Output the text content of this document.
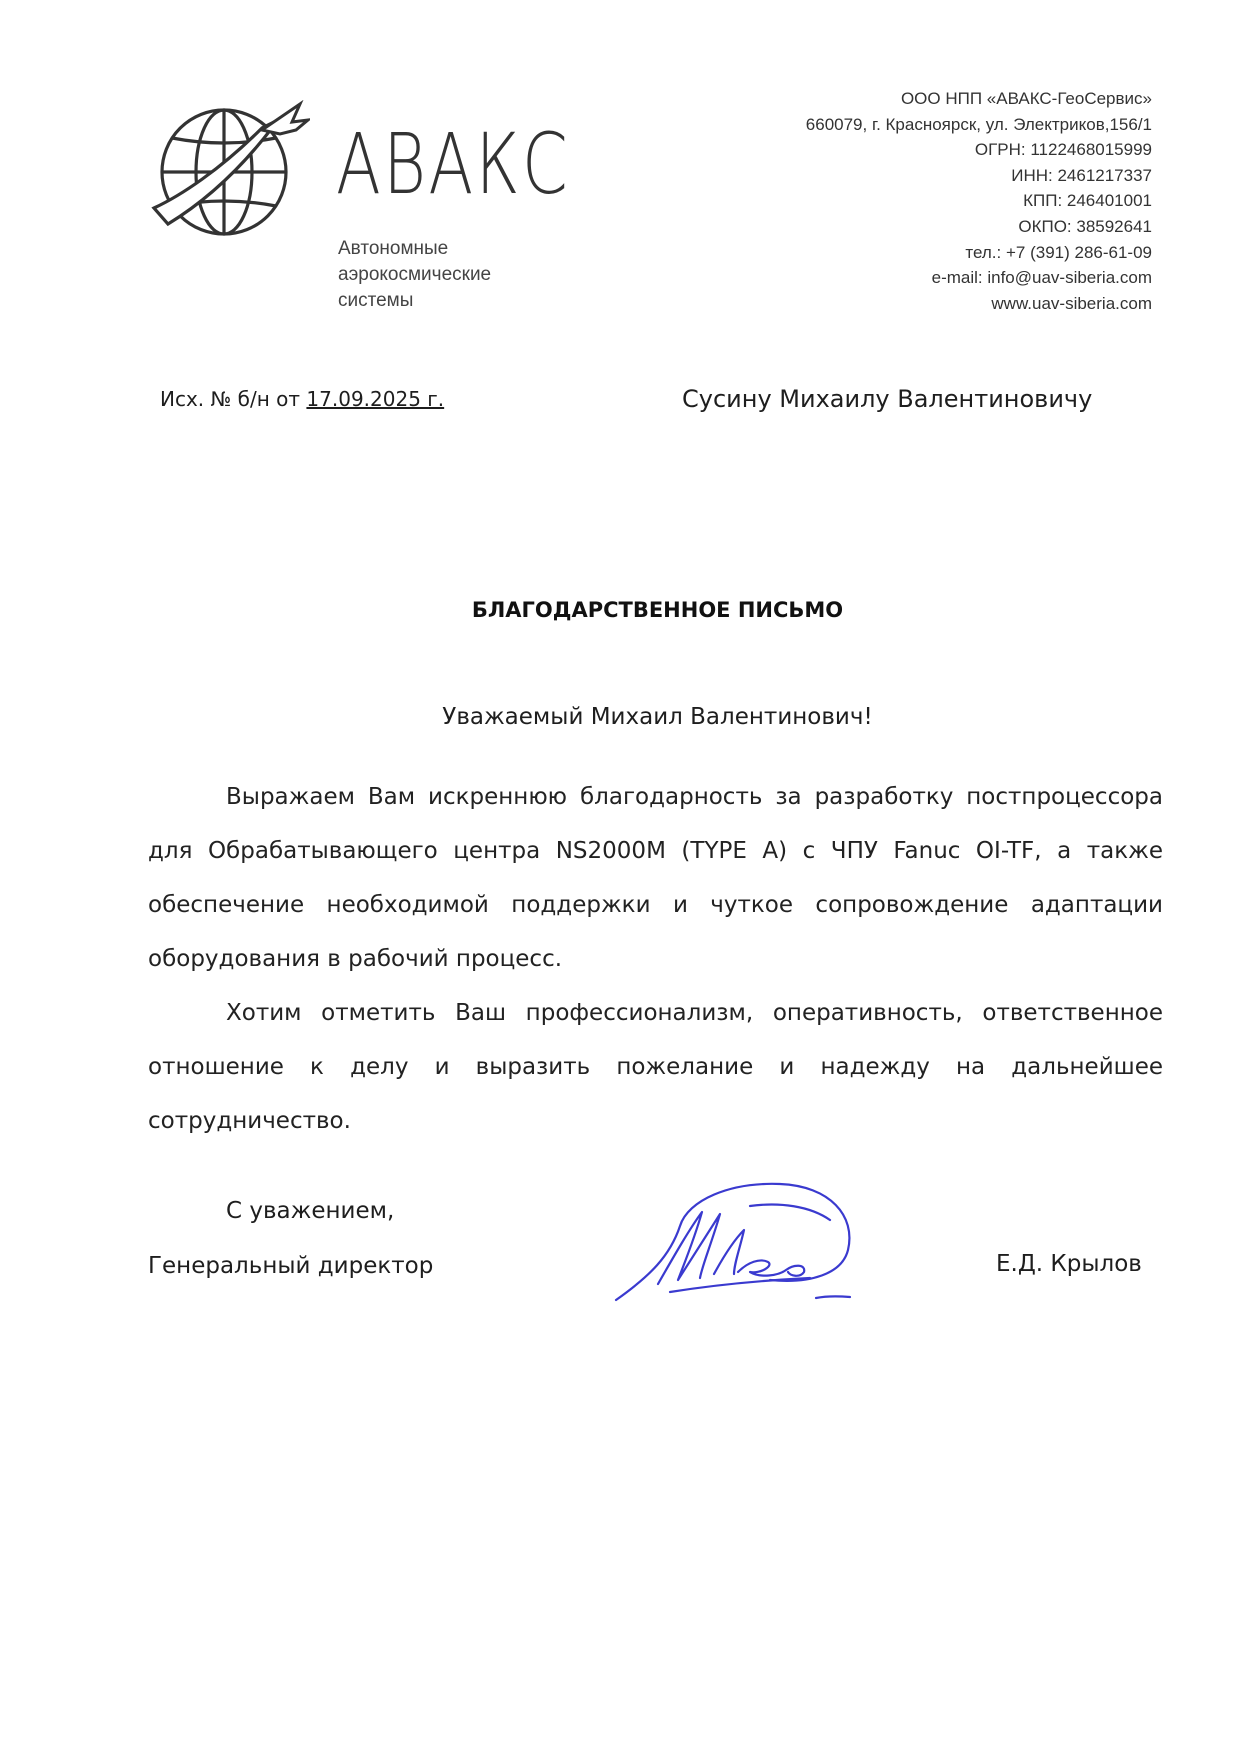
АВАКС
Автономные
аэрокосмические
системы
ООО НПП «АВАКС-ГеоСервис»
660079, г. Красноярск, ул. Электриков,156/1
ОГРН: 1122468015999
ИНН: 2461217337
КПП: 246401001
ОКПО: 38592641
тел.: +7 (391) 286-61-09
e-mail: info@uav-siberia.com
www.uav-siberia.com
Исх. № б/н от 17.09.2025 г.	Сусину Михаилу Валентиновичу
БЛАГОДАРСТВЕННОЕ ПИСЬМО
Уважаемый Михаил Валентинович!

Выражаем Вам искреннюю благодарность за разработку постпроцессора для Обрабатывающего центра NS2000M (TYPE A) с ЧПУ Fanuc OI-TF, а также обеспечение необходимой поддержки и чуткое сопровождение адаптации оборудования в рабочий процесс.

Хотим отметить Ваш профессионализм, оперативность, ответственное отношение к делу и выразить пожелание и надежду на дальнейшее сотрудничество.

С уважением,
Генеральный директор	Е.Д. Крылов
